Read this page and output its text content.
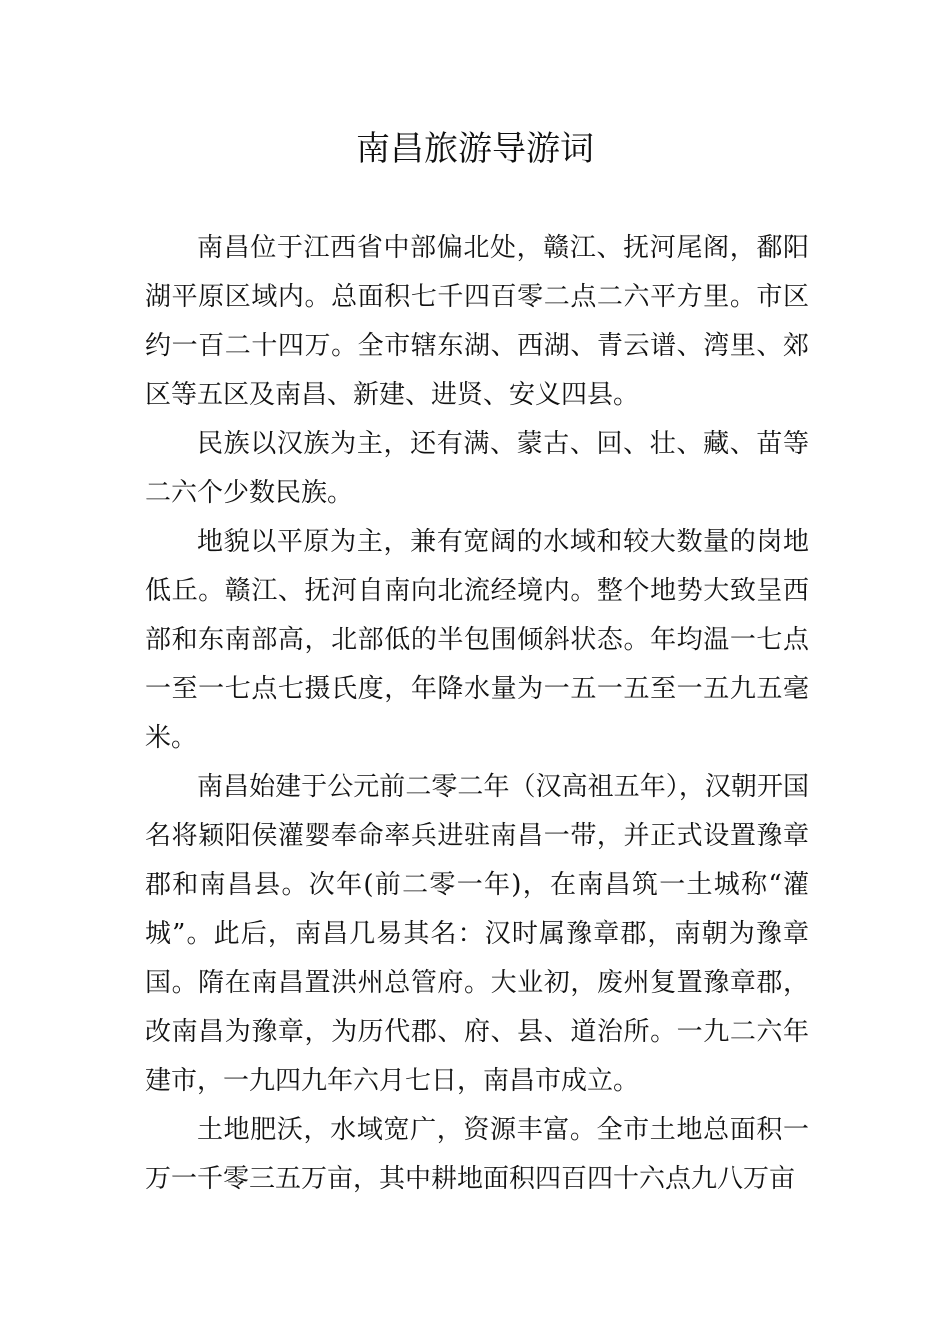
南昌旅游导游词

南昌位于江西省中部偏北处，赣江、抚河尾阁，鄱阳湖平原区域内。总面积七千四百零二点二六平方里。市区约一百二十四万。全市辖东湖、西湖、青云谱、湾里、郊区等五区及南昌、新建、进贤、安义四县。

民族以汉族为主，还有满、蒙古、回、壮、藏、苗等二六个少数民族。

地貌以平原为主，兼有宽阔的水域和较大数量的岗地低丘。赣江、抚河自南向北流经境内。整个地势大致呈西部和东南部高，北部低的半包围倾斜状态。年均温一七点一至一七点七摄氏度，年降水量为一五一五至一五九五毫米。

南昌始建于公元前二零二年（汉高祖五年），汉朝开国名将颖阳侯灌婴奉命率兵进驻南昌一带，并正式设置豫章郡和南昌县。次年(前二零一年)，在南昌筑一土城称“灌城”。此后，南昌几易其名：汉时属豫章郡，南朝为豫章国。隋在南昌置洪州总管府。大业初，废州复置豫章郡，改南昌为豫章，为历代郡、府、县、道治所。一九二六年建市，一九四九年六月七日，南昌市成立。

土地肥沃，水域宽广，资源丰富。全市土地总面积一万一千零三五万亩，其中耕地面积四百四十六点九八万亩
